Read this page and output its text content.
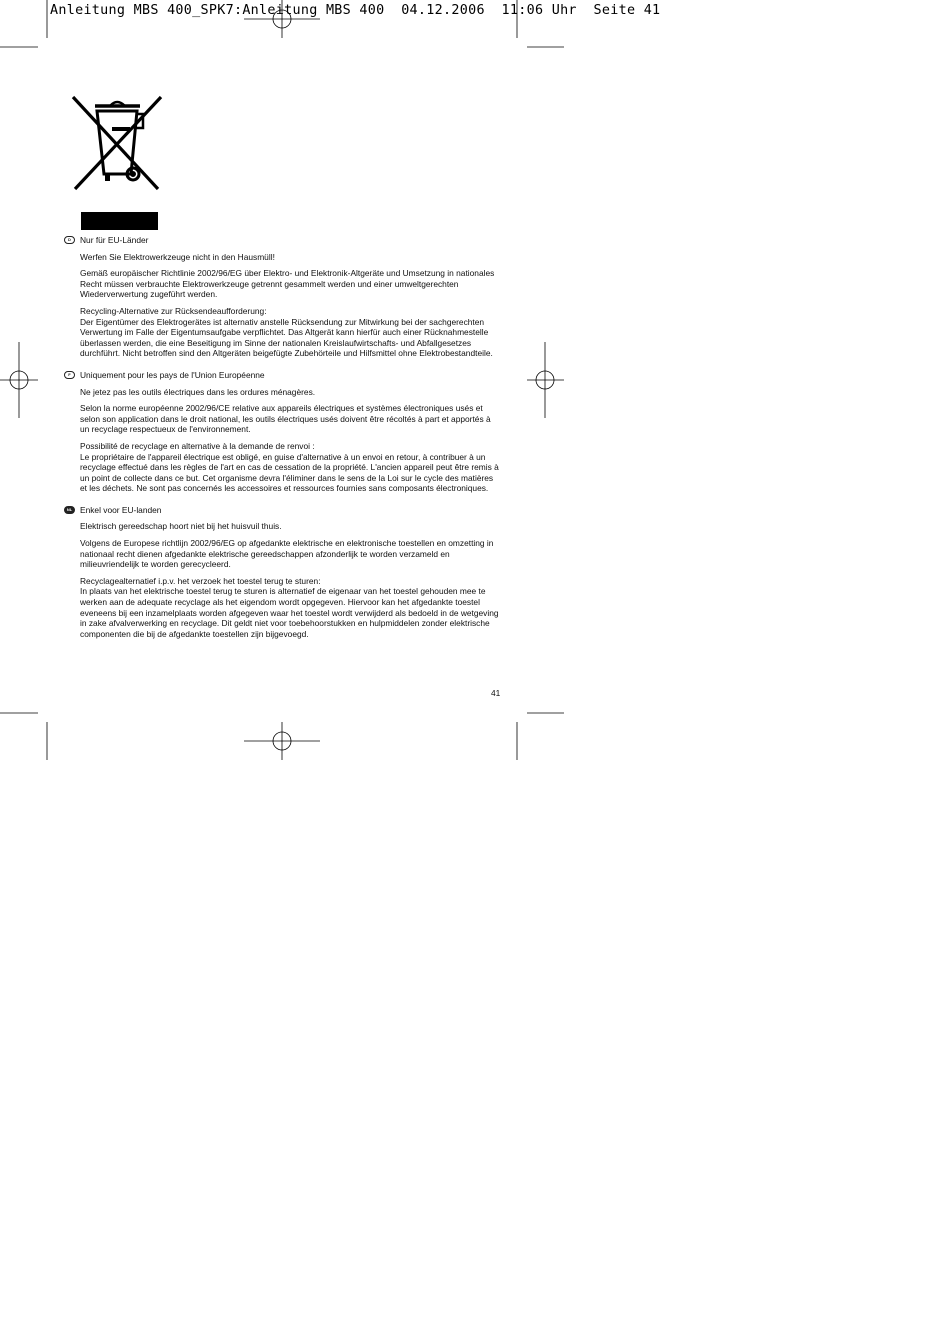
Anleitung MBS 400_SPK7:Anleitung MBS 400  04.12.2006  11:06 Uhr  Seite 41
D	Nur für EU-Länder

Werfen Sie Elektrowerkzeuge nicht in den Hausmüll!

Gemäß europäischer Richtlinie 2002/96/EG über Elektro- und Elektronik-Altgeräte und Umsetzung in nationales Recht müssen verbrauchte Elektrowerkzeuge getrennt gesammelt werden und einer umweltgerechten Wiederverwertung zugeführt werden.

Recycling-Alternative zur Rücksendeaufforderung:
Der Eigentümer des Elektrogerätes ist alternativ anstelle Rücksendung zur Mitwirkung bei der sachgerechten Verwertung im Falle der Eigentumsaufgabe verpflichtet. Das Altgerät kann hierfür auch einer Rücknahmestelle überlassen werden, die eine Beseitigung im Sinne der nationalen Kreislaufwirtschafts- und Abfallgesetzes durchführt. Nicht betroffen sind den Altgeräten beigefügte Zubehörteile und Hilfsmittel ohne Elektrobestandteile.
F	Uniquement pour les pays de l'Union Européenne

Ne jetez pas les outils électriques dans les ordures ménagères.

Selon la norme européenne 2002/96/CE relative aux appareils électriques et systèmes électroniques usés et selon son application dans le droit national, les outils électriques usés doivent être récoltés à part et apportés à un recyclage respectueux de l'environnement.

Possibilité de recyclage en alternative à la demande de renvoi :
Le propriétaire de l'appareil électrique est obligé, en guise d'alternative à un envoi en retour, à contribuer à un recyclage effectué dans les règles de l'art en cas de cessation de la propriété. L'ancien appareil peut être remis à un point de collecte dans ce but. Cet organisme devra l'éliminer dans le sens de la Loi sur le cycle des matières et les déchets. Ne sont pas concernés les accessoires et ressources fournies sans composants électroniques.
NL Enkel voor EU-landen

Elektrisch gereedschap hoort niet bij het huisvuil thuis.

Volgens de Europese richtlijn 2002/96/EG op afgedankte elektrische en elektronische toestellen en omzetting in nationaal recht dienen afgedankte elektrische gereedschappen afzonderlijk te worden verzameld en milieuvriendelijk te worden gerecycleerd.

Recyclagealternatief i.p.v. het verzoek het toestel terug te sturen:
In plaats van het elektrische toestel terug te sturen is alternatief de eigenaar van het toestel gehouden mee te werken aan de adequate recyclage als het eigendom wordt opgegeven. Hiervoor kan het afgedankte toestel eveneens bij een inzamelplaats worden afgegeven waar het toestel wordt verwijderd als bedoeld in de wetgeving in zake afvalverwerking en recyclage. Dit geldt niet voor toebehoorstukken en hulpmiddelen zonder elektrische componenten die bij de afgedankte toestellen zijn bijgevoegd.
41
